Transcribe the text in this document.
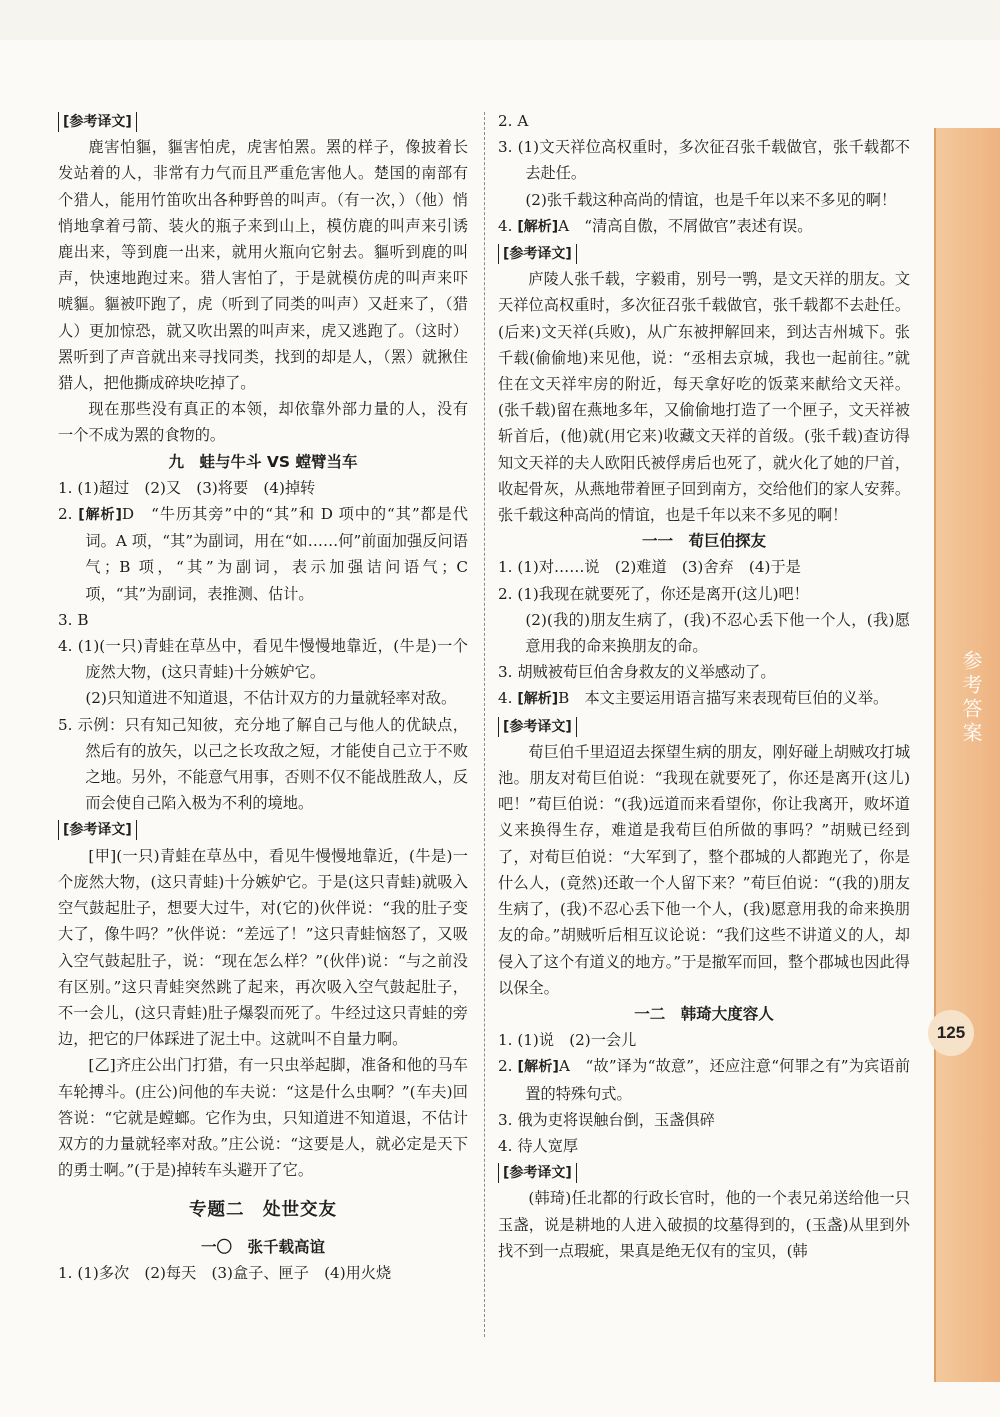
[参考译文]

鹿害怕貙，貙害怕虎，虎害怕罴。罴的样子，像披着长发站着的人，非常有力气而且严重危害他人。楚国的南部有个猎人，能用竹笛吹出各种野兽的叫声。（有一次，）（他）悄悄地拿着弓箭、装火的瓶子来到山上，模仿鹿的叫声来引诱鹿出来，等到鹿一出来，就用火瓶向它射去。貙听到鹿的叫声，快速地跑过来。猎人害怕了，于是就模仿虎的叫声来吓唬貙。貙被吓跑了，虎（听到了同类的叫声）又赶来了，（猎人）更加惊恐，就又吹出罴的叫声来，虎又逃跑了。（这时）罴听到了声音就出来寻找同类，找到的却是人，（罴）就揪住猎人，把他撕成碎块吃掉了。

现在那些没有真正的本领，却依靠外部力量的人，没有一个不成为罴的食物的。

九　蛙与牛斗 VS 螳臂当车

1. (1)超过　(2)又　(3)将要　(4)掉转

2. [解析]D　“牛历其旁”中的“其”和 D 项中的“其”都是代词。A 项，“其”为副词，用在“如……何”前面加强反问语气；B 项，“其”为副词，表示加强诘问语气；C 项，“其”为副词，表推测、估计。

3. B

4. (1)(一只)青蛙在草丛中，看见牛慢慢地靠近，(牛是)一个庞然大物，(这只青蛙)十分嫉妒它。

(2)只知道进不知道退，不估计双方的力量就轻率对敌。

5. 示例：只有知己知彼，充分地了解自己与他人的优缺点，然后有的放矢，以己之长攻敌之短，才能使自己立于不败之地。另外，不能意气用事，否则不仅不能战胜敌人，反而会使自己陷入极为不利的境地。

[参考译文]

[甲](一只)青蛙在草丛中，看见牛慢慢地靠近，(牛是)一个庞然大物，(这只青蛙)十分嫉妒它。于是(这只青蛙)就吸入空气鼓起肚子，想要大过牛，对(它的)伙伴说：“我的肚子变大了，像牛吗？”伙伴说：“差远了！”这只青蛙恼怒了，又吸入空气鼓起肚子，说：“现在怎么样？”(伙伴)说：“与之前没有区别。”这只青蛙突然跳了起来，再次吸入空气鼓起肚子，不一会儿，(这只青蛙)肚子爆裂而死了。牛经过这只青蛙的旁边，把它的尸体踩进了泥土中。这就叫不自量力啊。

[乙]齐庄公出门打猎，有一只虫举起脚，准备和他的马车车轮搏斗。(庄公)问他的车夫说：“这是什么虫啊？”(车夫)回答说：“它就是螳螂。它作为虫，只知道进不知道退，不估计双方的力量就轻率对敌。”庄公说：“这要是人，就必定是天下的勇士啊。”(于是)掉转车头避开了它。

专题二　处世交友

一〇　张千载高谊

1. (1)多次　(2)每天　(3)盒子、匣子　(4)用火烧

2. A

3. (1)文天祥位高权重时，多次征召张千载做官，张千载都不去赴任。

(2)张千载这种高尚的情谊，也是千年以来不多见的啊！

4. [解析]A　“清高自傲，不屑做官”表述有误。

[参考译文]

庐陵人张千载，字毅甫，别号一鹗，是文天祥的朋友。文天祥位高权重时，多次征召张千载做官，张千载都不去赴任。(后来)文天祥(兵败)，从广东被押解回来，到达吉州城下。张千载(偷偷地)来见他，说：“丞相去京城，我也一起前往。”就住在文天祥牢房的附近，每天拿好吃的饭菜来献给文天祥。(张千载)留在燕地多年，又偷偷地打造了一个匣子，文天祥被斩首后，(他)就(用它来)收藏文天祥的首级。(张千载)查访得知文天祥的夫人欧阳氏被俘虏后也死了，就火化了她的尸首，收起骨灰，从燕地带着匣子回到南方，交给他们的家人安葬。张千载这种高尚的情谊，也是千年以来不多见的啊！

一一　荀巨伯探友

1. (1)对……说　(2)难道　(3)舍弃　(4)于是

2. (1)我现在就要死了，你还是离开(这儿)吧！

(2)(我的)朋友生病了，(我)不忍心丢下他一个人，(我)愿意用我的命来换朋友的命。

3. 胡贼被荀巨伯舍身救友的义举感动了。

4. [解析]B　本文主要运用语言描写来表现荀巨伯的义举。

[参考译文]

荀巨伯千里迢迢去探望生病的朋友，刚好碰上胡贼攻打城池。朋友对荀巨伯说：“我现在就要死了，你还是离开(这儿)吧！”荀巨伯说：“(我)远道而来看望你，你让我离开，败坏道义来换得生存，难道是我荀巨伯所做的事吗？”胡贼已经到了，对荀巨伯说：“大军到了，整个郡城的人都跑光了，你是什么人，(竟然)还敢一个人留下来？”荀巨伯说：“(我的)朋友生病了，(我)不忍心丢下他一个人，(我)愿意用我的命来换朋友的命。”胡贼听后相互议论说：“我们这些不讲道义的人，却侵入了这个有道义的地方。”于是撤军而回，整个郡城也因此得以保全。

一二　韩琦大度容人

1. (1)说　(2)一会儿

2. [解析]A　“故”译为“故意”，还应注意“何罪之有”为宾语前置的特殊句式。

3. 俄为吏将误触台倒，玉盏俱碎

4. 待人宽厚

[参考译文]

(韩琦)任北都的行政长官时，他的一个表兄弟送给他一只玉盏，说是耕地的人进入破损的坟墓得到的，(玉盏)从里到外找不到一点瑕疵，果真是绝无仅有的宝贝，(韩

参考答案
125
